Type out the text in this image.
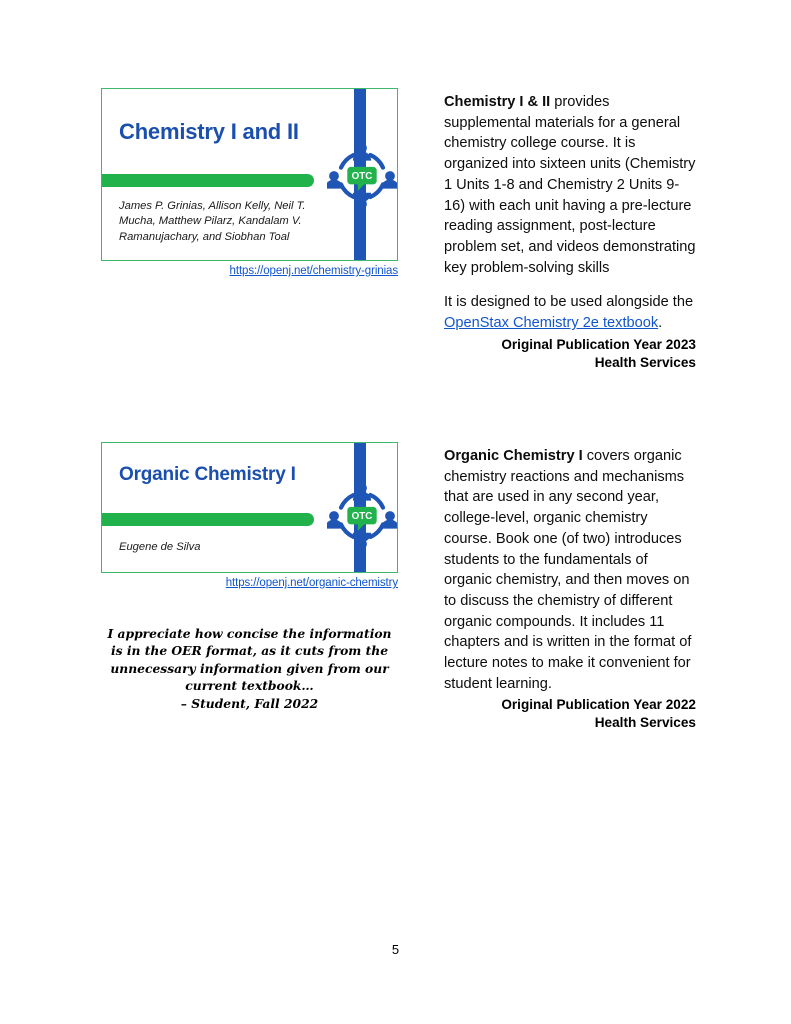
Chemistry I and II
James P. Grinias, Allison Kelly, Neil T. Mucha, Matthew Pilarz, Kandalam V. Ramanujachary, and Siobhan Toal
OTC
https://openj.net/chemistry-grinias

Chemistry I & II provides supplemental materials for a general chemistry college course. It is organized into sixteen units (Chemistry 1 Units 1-8 and Chemistry 2 Units 9-16) with each unit having a pre-lecture reading assignment, post-lecture problem set, and videos demonstrating key problem-solving skills

It is designed to be used alongside the OpenStax Chemistry 2e textbook.

Original Publication Year 2023
Health Services
Organic Chemistry I
Eugene de Silva
OTC
https://openj.net/organic-chemistry

Organic Chemistry I covers organic chemistry reactions and mechanisms that are used in any second year, college-level, organic chemistry course. Book one (of two) introduces students to the fundamentals of organic chemistry, and then moves on to discuss the chemistry of different organic compounds. It includes 11 chapters and is written in the format of lecture notes to make it convenient for student learning.

Original Publication Year 2022
Health Services
I appreciate how concise the information is in the OER format, as it cuts from the unnecessary information given from our current textbook…
– Student, Fall 2022
5
